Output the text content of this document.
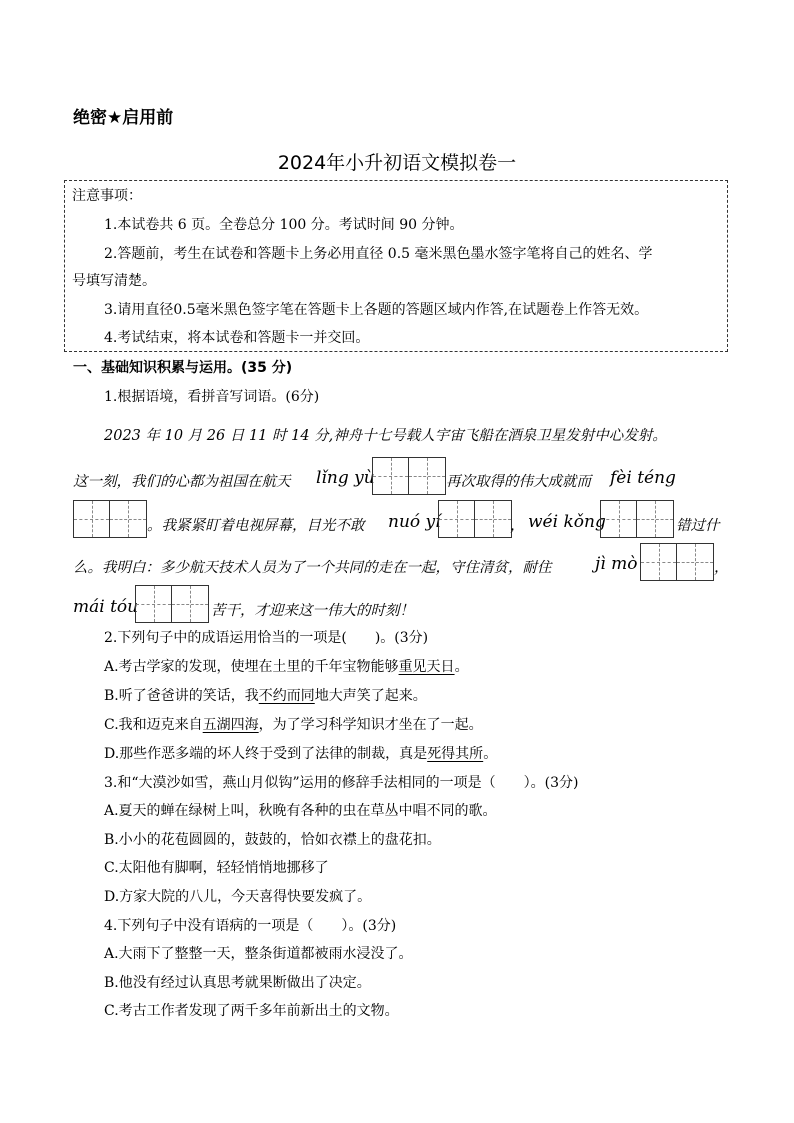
绝密★启用前
2024年小升初语文模拟卷一
注意事项：
1.本试卷共 6 页。全卷总分 100 分。考试时间 90 分钟。
2.答题前，考生在试卷和答题卡上务必用直径 0.5 毫米黑色墨水签字笔将自己的姓名、学
号填写清楚。
3.请用直径0.5毫米黑色签字笔在答题卡上各题的答题区域内作答,在试题卷上作答无效。
4.考试结束，将本试卷和答题卡一并交回。
一、基础知识积累与运用。(35 分)
1.根据语境，看拼音写词语。(6分)
2023 年 10 月 26 日 11 时 14 分,神舟十七号载人宇宙飞船在酒泉卫星发射中心发射。
这一刻，我们的心都为祖国在航天 lǐng yù	再次取得的伟大成就而 fèi téng
。我紧紧盯着电视屏幕，目光不敢 nuó yí	， wéi kǒng	错过什
么。我明白：多少航天技术人员为了一个共同的走在一起，守住清贫，耐住	jì mò	，
mái tóu	苦干，才迎来这一伟大的时刻！
2.下列句子中的成语运用恰当的一项是(　　)。(3分)
A.考古学家的发现，使埋在土里的千年宝物能够重见天日。
B.听了爸爸讲的笑话，我不约而同地大声笑了起来。
C.我和迈克来自五湖四海，为了学习科学知识才坐在了一起。
D.那些作恶多端的坏人终于受到了法律的制裁，真是死得其所。
3.和“大漠沙如雪，燕山月似钩”运用的修辞手法相同的一项是（　　）。(3分)
A.夏天的蝉在绿树上叫，秋晚有各种的虫在草丛中唱不同的歌。
B.小小的花苞圆圆的，鼓鼓的，恰如衣襟上的盘花扣。
C.太阳他有脚啊，轻轻悄悄地挪移了
D.方家大院的八儿，今天喜得快要发疯了。
4.下列句子中没有语病的一项是（　　）。(3分)
A.大雨下了整整一天，整条街道都被雨水浸没了。
B.他没有经过认真思考就果断做出了决定。
C.考古工作者发现了两千多年前新出土的文物。
